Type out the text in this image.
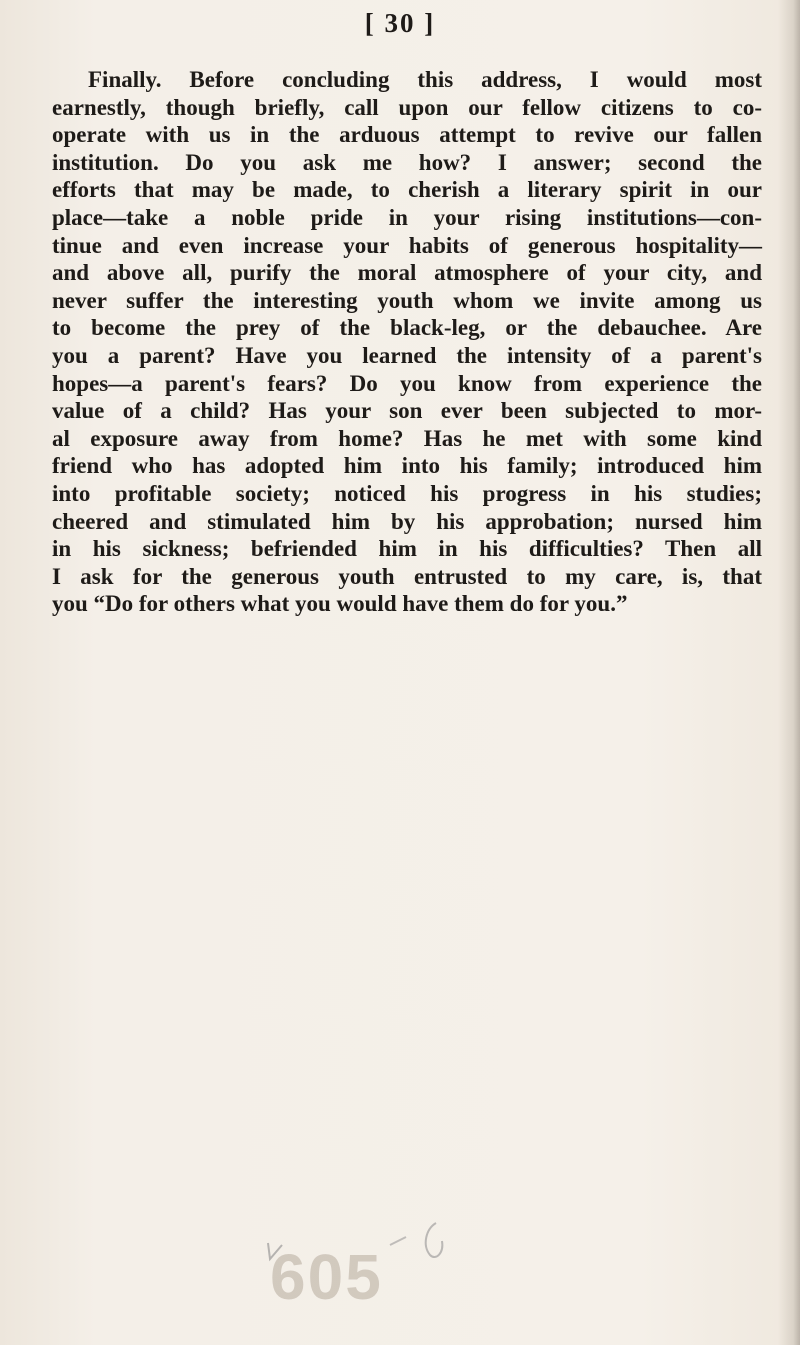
[ 30 ]
Finally. Before concluding this address, I would most
earnestly, though briefly, call upon our fellow citizens to co-
operate with us in the arduous attempt to revive our fallen
institution. Do you ask me how? I answer; second the
efforts that may be made, to cherish a literary spirit in our
place—take a noble pride in your rising institutions—con-
tinue and even increase your habits of generous hospitality—
and above all, purify the moral atmosphere of your city, and
never suffer the interesting youth whom we invite among us
to become the prey of the black-leg, or the debauchee. Are
you a parent? Have you learned the intensity of a parent's
hopes—a parent's fears? Do you know from experience the
value of a child? Has your son ever been subjected to mor-
al exposure away from home? Has he met with some kind
friend who has adopted him into his family; introduced him
into profitable society; noticed his progress in his studies;
cheered and stimulated him by his approbation; nursed him
in his sickness; befriended him in his difficulties? Then all
I ask for the generous youth entrusted to my care, is, that
you “Do for others what you would have them do for you.”
605
